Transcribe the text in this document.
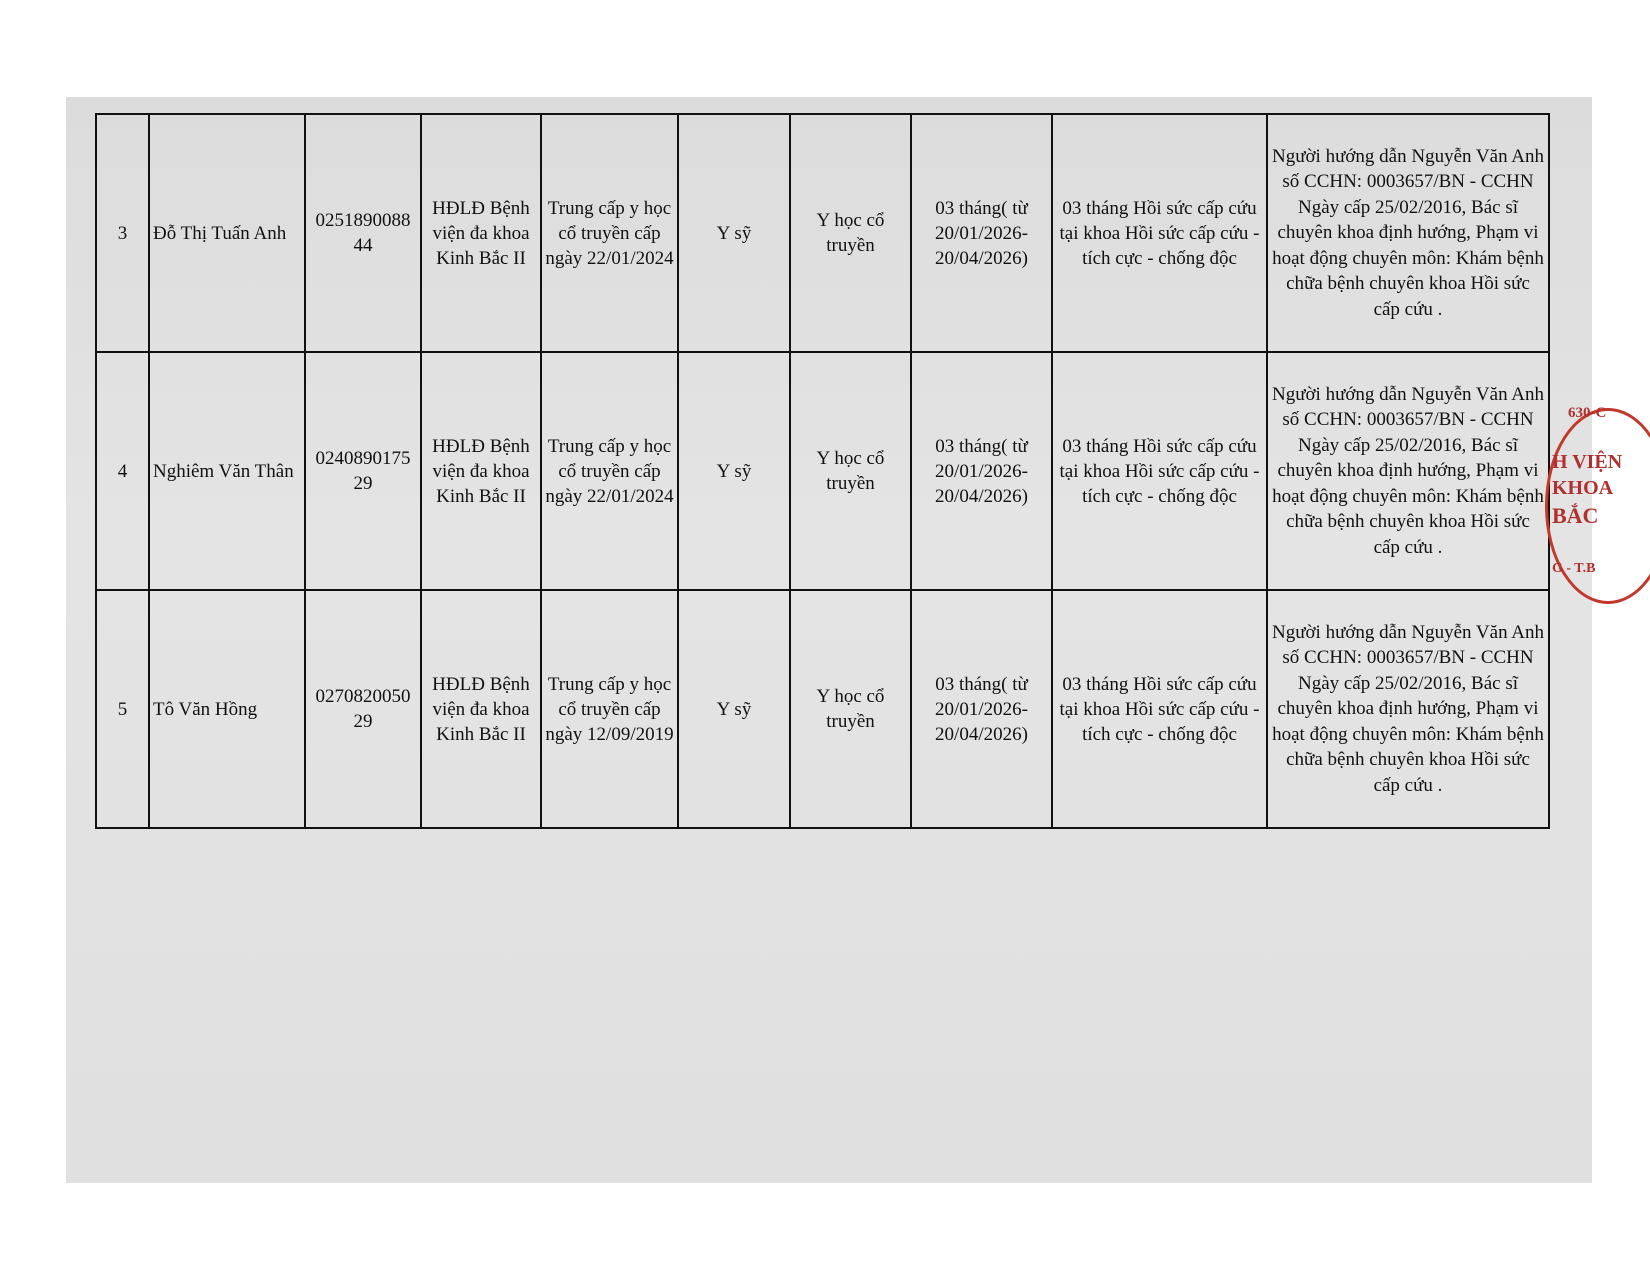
3	Đỗ Thị Tuấn Anh	0251890088 44	HĐLĐ Bệnh viện đa khoa Kinh Bắc II	Trung cấp y học cổ truyền cấp ngày 22/01/2024	Y sỹ	Y học cổ truyền	03 tháng( từ 20/01/2026-20/04/2026)	03 tháng Hồi sức cấp cứu tại khoa Hồi sức cấp cứu - tích cực - chống độc	Người hướng dẫn Nguyễn Văn Anh số CCHN: 0003657/BN - CCHN Ngày cấp 25/02/2016, Bác sĩ chuyên khoa định hướng, Phạm vi hoạt động chuyên môn: Khám bệnh chữa bệnh chuyên khoa Hồi sức cấp cứu .
4	Nghiêm Văn Thân	0240890175 29	HĐLĐ Bệnh viện đa khoa Kinh Bắc II	Trung cấp y học cổ truyền cấp ngày 22/01/2024	Y sỹ	Y học cổ truyền	03 tháng( từ 20/01/2026-20/04/2026)	03 tháng Hồi sức cấp cứu tại khoa Hồi sức cấp cứu - tích cực - chống độc	Người hướng dẫn Nguyễn Văn Anh số CCHN: 0003657/BN - CCHN Ngày cấp 25/02/2016, Bác sĩ chuyên khoa định hướng, Phạm vi hoạt động chuyên môn: Khám bệnh chữa bệnh chuyên khoa Hồi sức cấp cứu .
5	Tô Văn Hồng	0270820050 29	HĐLĐ Bệnh viện đa khoa Kinh Bắc II	Trung cấp y học cổ truyền cấp ngày 12/09/2019	Y sỹ	Y học cổ truyền	03 tháng( từ 20/01/2026-20/04/2026)	03 tháng Hồi sức cấp cứu tại khoa Hồi sức cấp cứu - tích cực - chống độc	Người hướng dẫn Nguyễn Văn Anh số CCHN: 0003657/BN - CCHN Ngày cấp 25/02/2016, Bác sĩ chuyên khoa định hướng, Phạm vi hoạt động chuyên môn: Khám bệnh chữa bệnh chuyên khoa Hồi sức cấp cứu .
630-C
H VIỆN
KHOA
BẮC
G - T.B
